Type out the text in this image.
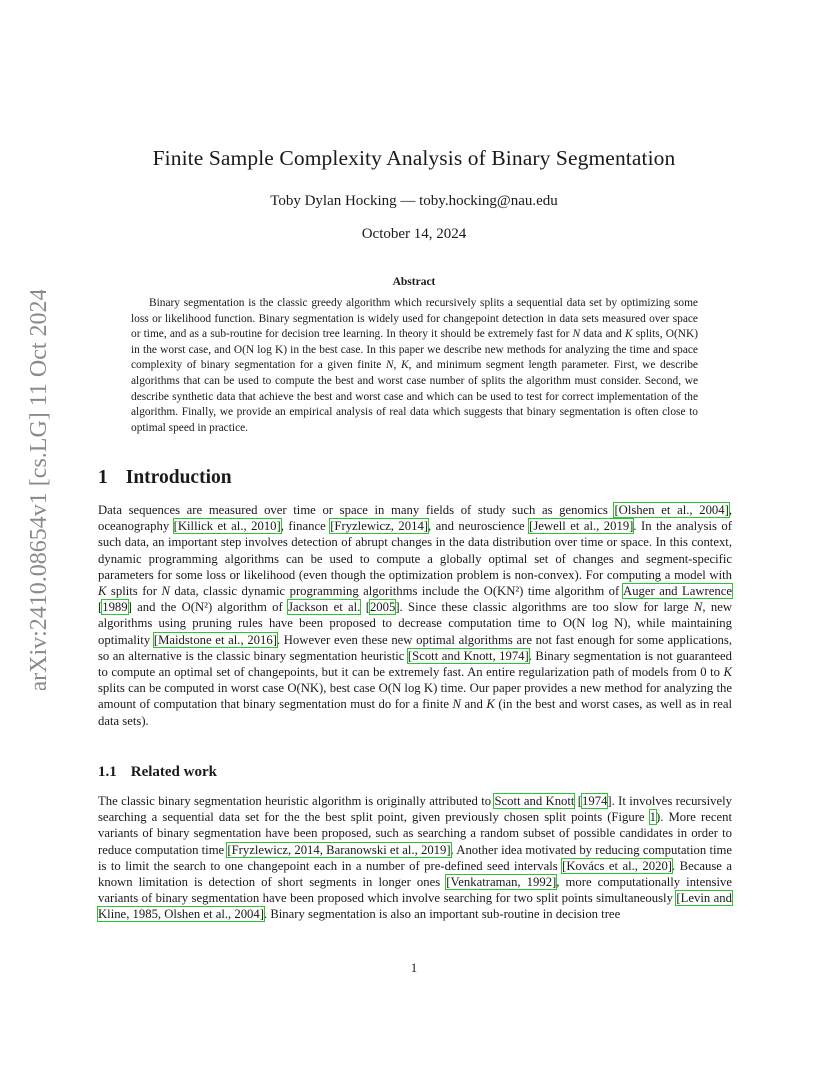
arXiv:2410.08654v1 [cs.LG] 11 Oct 2024
Finite Sample Complexity Analysis of Binary Segmentation
Toby Dylan Hocking — toby.hocking@nau.edu
October 14, 2024
Abstract

Binary segmentation is the classic greedy algorithm which recursively splits a sequential data set by optimizing some loss or likelihood function. Binary segmentation is widely used for changepoint detection in data sets measured over space or time, and as a sub-routine for decision tree learning. In theory it should be extremely fast for N data and K splits, O(NK) in the worst case, and O(N log K) in the best case. In this paper we describe new methods for analyzing the time and space complexity of binary segmentation for a given finite N, K, and minimum segment length parameter. First, we describe algorithms that can be used to compute the best and worst case number of splits the algorithm must consider. Second, we describe synthetic data that achieve the best and worst case and which can be used to test for correct implementation of the algorithm. Finally, we provide an empirical analysis of real data which suggests that binary segmentation is often close to optimal speed in practice.

1 Introduction

Data sequences are measured over time or space in many fields of study such as genomics [Olshen et al., 2004], oceanography [Killick et al., 2010], finance [Fryzlewicz, 2014], and neuroscience [Jewell et al., 2019]. In the analysis of such data, an important step involves detection of abrupt changes in the data distribution over time or space. In this context, dynamic programming algorithms can be used to compute a globally optimal set of changes and segment-specific parameters for some loss or likelihood (even though the optimization problem is non-convex). For computing a model with K splits for N data, classic dynamic programming algorithms include the O(KN²) time algorithm of Auger and Lawrence [1989] and the O(N²) algorithm of Jackson et al. [2005]. Since these classic algorithms are too slow for large N, new algorithms using pruning rules have been proposed to decrease computation time to O(N log N), while maintaining optimality [Maidstone et al., 2016]. However even these new optimal algorithms are not fast enough for some applications, so an alternative is the classic binary segmentation heuristic [Scott and Knott, 1974]. Binary segmentation is not guaranteed to compute an optimal set of changepoints, but it can be extremely fast. An entire regularization path of models from 0 to K splits can be computed in worst case O(NK), best case O(N log K) time. Our paper provides a new method for analyzing the amount of computation that binary segmentation must do for a finite N and K (in the best and worst cases, as well as in real data sets).

1.1 Related work

The classic binary segmentation heuristic algorithm is originally attributed to Scott and Knott [1974]. It involves recursively searching a sequential data set for the the best split point, given previously chosen split points (Figure 1). More recent variants of binary segmentation have been proposed, such as searching a random subset of possible candidates in order to reduce computation time [Fryzlewicz, 2014, Baranowski et al., 2019]. Another idea motivated by reducing computation time is to limit the search to one changepoint each in a number of pre-defined seed intervals [Kovács et al., 2020]. Because a known limitation is detection of short segments in longer ones [Venkatraman, 1992], more computationally intensive variants of binary segmentation have been proposed which involve searching for two split points simultaneously [Levin and Kline, 1985, Olshen et al., 2004]. Binary segmentation is also an important sub-routine in decision tree

1
